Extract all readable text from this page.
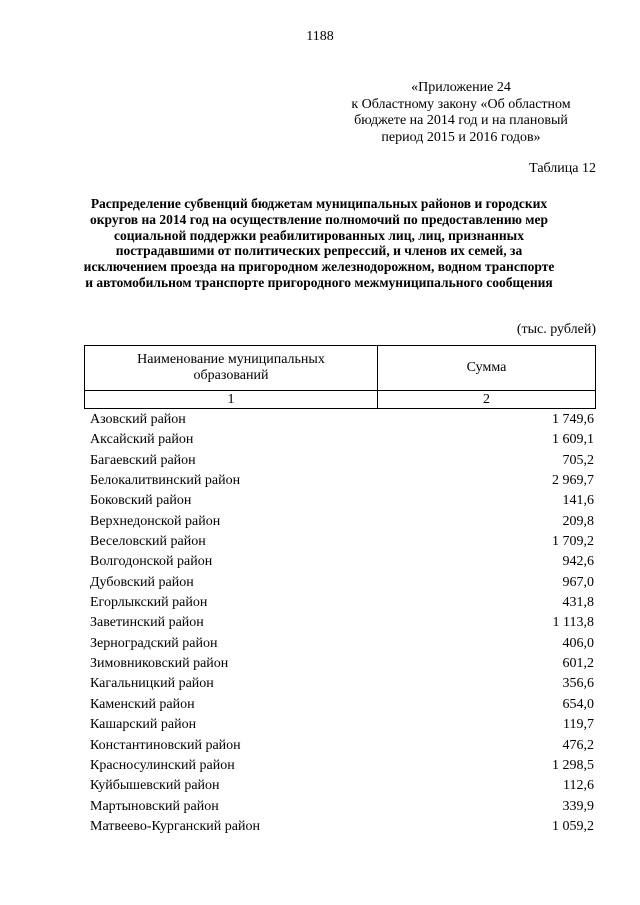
1188
«Приложение 24
к Областному закону «Об областном
бюджете на 2014 год и на плановый
период 2015 и 2016 годов»
Таблица 12
Распределение субвенций бюджетам муниципальных районов и городских округов на 2014 год на осуществление полномочий по предоставлению мер социальной поддержки реабилитированных лиц, лиц, признанных пострадавшими от политических репрессий, и членов их семей, за исключением проезда на пригородном железнодорожном, водном транспорте и автомобильном транспорте пригородного межмуниципального сообщения
(тыс. рублей)
Наименование муниципальных
образований	Сумма
1	2
Азовский район	1 749,6
Аксайский район	1 609,1
Багаевский район	705,2
Белокалитвинский район	2 969,7
Боковский район	141,6
Верхнедонской район	209,8
Веселовский район	1 709,2
Волгодонской район	942,6
Дубовский район	967,0
Егорлыкский район	431,8
Заветинский район	1 113,8
Зерноградский район	406,0
Зимовниковский район	601,2
Кагальницкий район	356,6
Каменский район	654,0
Кашарский район	119,7
Константиновский район	476,2
Красносулинский район	1 298,5
Куйбышевский район	112,6
Мартыновский район	339,9
Матвеево-Курганский район	1 059,2
